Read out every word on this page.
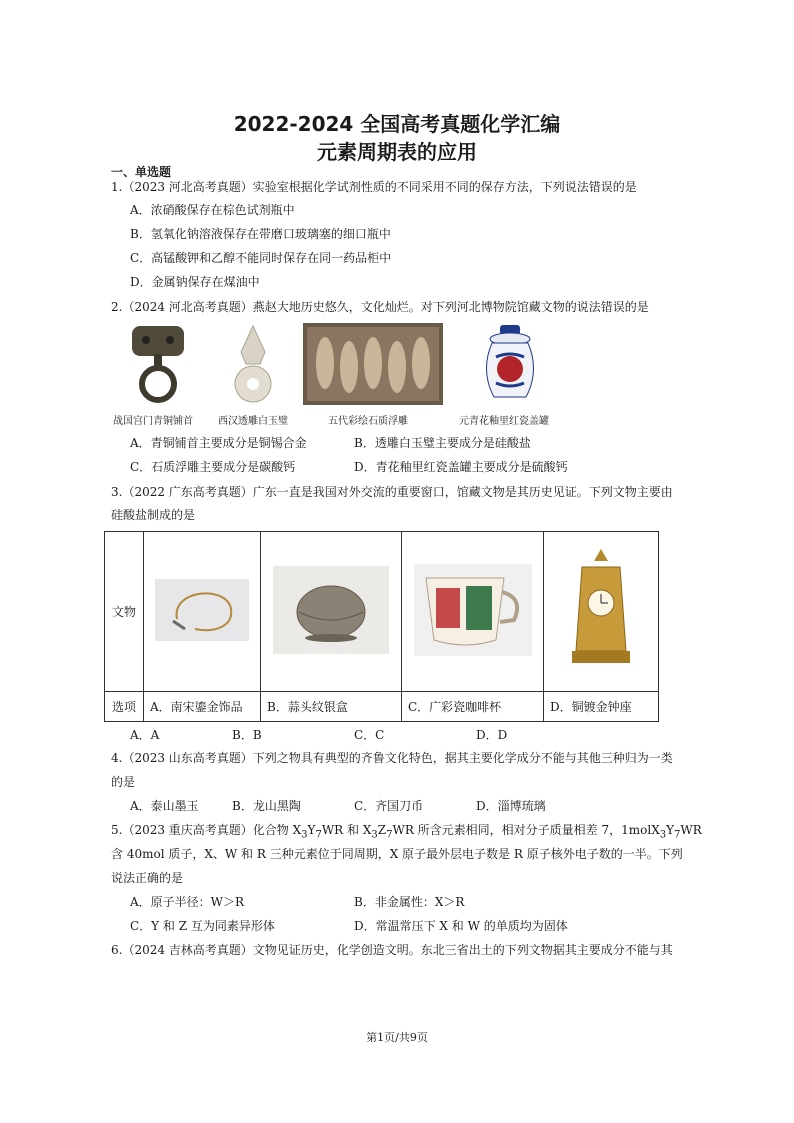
2022-2024 全国高考真题化学汇编
元素周期表的应用
一、单选题
1.（2023 河北高考真题）实验室根据化学试剂性质的不同采用不同的保存方法，下列说法错误的是
A．浓硝酸保存在棕色试剂瓶中
B．氢氧化钠溶液保存在带磨口玻璃塞的细口瓶中
C．高锰酸钾和乙醇不能同时保存在同一药品柜中
D．金属钠保存在煤油中
2.（2024 河北高考真题）燕赵大地历史悠久，文化灿烂。对下列河北博物院馆藏文物的说法错误的是
战国宫门青铜铺首	西汉透雕白玉璧	五代彩绘石质浮雕	元青花釉里红瓷盖罐
A．青铜铺首主要成分是铜锡合金	B．透雕白玉璧主要成分是硅酸盐
C．石质浮雕主要成分是碳酸钙	D．青花釉里红瓷盖罐主要成分是硫酸钙
3.（2022 广东高考真题）广东一直是我国对外交流的重要窗口，馆藏文物是其历史见证。下列文物主要由
硅酸盐制成的是
文物				
选项	A．南宋鎏金饰品	B．蒜头纹银盒	C．广彩瓷咖啡杯	D．铜镀金钟座
A．A	B．B	C．C	D．D
4.（2023 山东高考真题）下列之物具有典型的齐鲁文化特色，据其主要化学成分不能与其他三种归为一类
的是
A．泰山墨玉	B．龙山黑陶	C．齐国刀币	D．淄博琉璃
5.（2023 重庆高考真题）化合物 $X_3Y_7WR$ 和 $X_3Z_7WR$ 所含元素相同，相对分子质量相差 7，$1molX_3Y_7WR$
含 40mol 质子，X、W 和 R 三种元素位于同周期，X 原子最外层电子数是 R 原子核外电子数的一半。下列
说法正确的是
A．原子半径：W＞R	B．非金属性：X＞R
C．Y 和 Z 互为同素异形体	D．常温常压下 X 和 W 的单质均为固体
6.（2024 吉林高考真题）文物见证历史，化学创造文明。东北三省出土的下列文物据其主要成分不能与其
第1页/共9页
